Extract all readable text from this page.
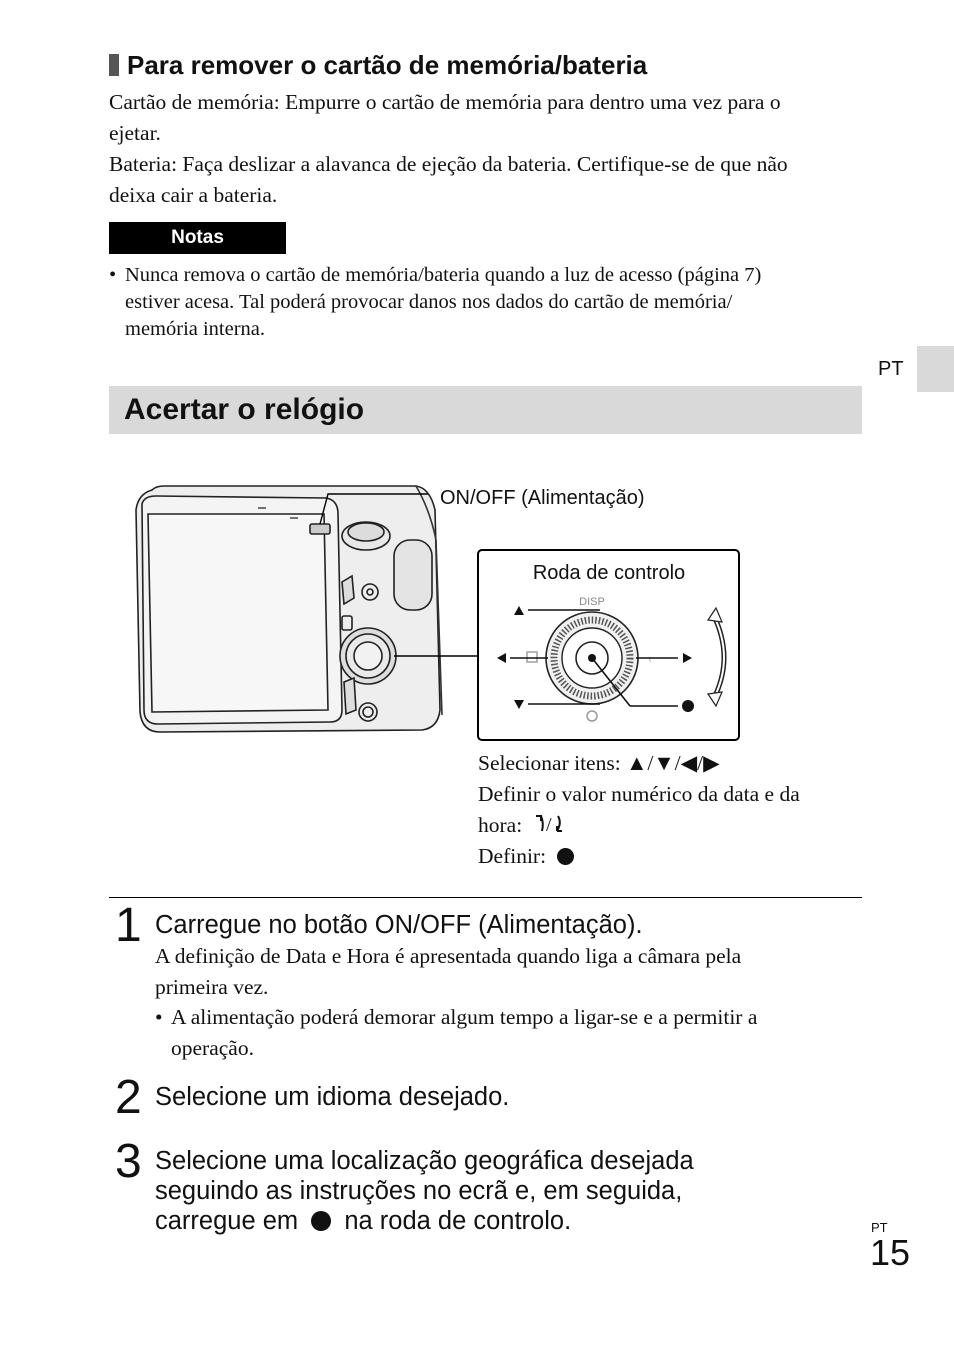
Para remover o cartão de memória/bateria
Cartão de memória: Empurre o cartão de memória para dentro uma vez para o
ejetar.
Bateria: Faça deslizar a alavanca de ejeção da bateria. Certifique-se de que não
deixa cair a bateria.
Notas
• Nunca remova o cartão de memória/bateria quando a luz de acesso (página 7)
estiver acesa. Tal poderá provocar danos nos dados do cartão de memória/
memória interna.
PT
Acertar o relógio
ON/OFF (Alimentação)
Roda de controlo
DISP
ᚲ
Selecionar itens: ▲/▼/◀/▶
Definir o valor numérico da data e da
hora: /
Definir:
1 Carregue no botão ON/OFF (Alimentação).
A definição de Data e Hora é apresentada quando liga a câmara pela
primeira vez.
• A alimentação poderá demorar algum tempo a ligar-se e a permitir a
operação.
2 Selecione um idioma desejado.
3 Selecione uma localização geográfica desejada
seguindo as instruções no ecrã e, em seguida,
carregue em na roda de controlo.	PT
15
